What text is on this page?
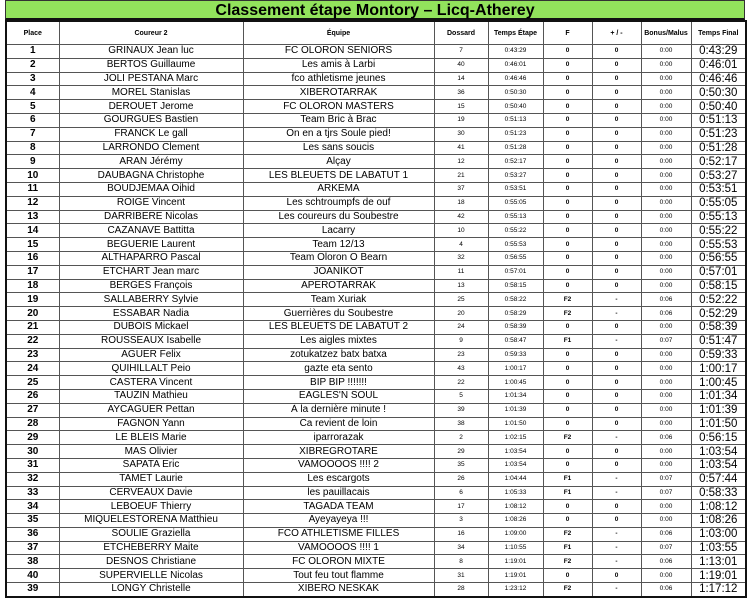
Classement étape Montory – Licq-Atherey
Place	Coureur 2	Équipe	Dossard	Temps Étape	F	+ / -	Bonus/Malus	Temps Final
1	GRINAUX Jean luc	FC OLORON SENIORS	7	0:43:29	0	0	0:00	0:43:29
2	BERTOS Guillaume	Les amis à Larbi	40	0:46:01	0	0	0:00	0:46:01
3	JOLI PESTANA Marc	fco athletisme jeunes	14	0:46:46	0	0	0:00	0:46:46
4	MOREL Stanislas	XIBEROTARRAK	36	0:50:30	0	0	0:00	0:50:30
5	DEROUET Jerome	FC OLORON MASTERS	15	0:50:40	0	0	0:00	0:50:40
6	GOURGUES Bastien	Team Bric à Brac	19	0:51:13	0	0	0:00	0:51:13
7	FRANCK Le gall	On en a tjrs Soule pied!	30	0:51:23	0	0	0:00	0:51:23
8	LARRONDO Clement	Les sans soucis	41	0:51:28	0	0	0:00	0:51:28
9	ARAN Jérémy	Alçay	12	0:52:17	0	0	0:00	0:52:17
10	DAUBAGNA Christophe	LES BLEUETS DE LABATUT 1	21	0:53:27	0	0	0:00	0:53:27
11	BOUDJEMAA Oihid	ARKEMA	37	0:53:51	0	0	0:00	0:53:51
12	ROIGE Vincent	Les schtroumpfs de ouf	18	0:55:05	0	0	0:00	0:55:05
13	DARRIBERE Nicolas	Les coureurs du Soubestre	42	0:55:13	0	0	0:00	0:55:13
14	CAZANAVE Battitta	Lacarry	10	0:55:22	0	0	0:00	0:55:22
15	BEGUERIE Laurent	Team 12/13	4	0:55:53	0	0	0:00	0:55:53
16	ALTHAPARRO Pascal	Team Oloron O Bearn	32	0:56:55	0	0	0:00	0:56:55
17	ETCHART Jean marc	JOANIKOT	11	0:57:01	0	0	0:00	0:57:01
18	BERGES François	APEROTARRAK	13	0:58:15	0	0	0:00	0:58:15
19	SALLABERRY Sylvie	Team Xuriak	25	0:58:22	F2	-	0:06	0:52:22
20	ESSABAR Nadia	Guerrières du Soubestre	20	0:58:29	F2	-	0:06	0:52:29
21	DUBOIS Mickael	LES BLEUETS DE LABATUT 2	24	0:58:39	0	0	0:00	0:58:39
22	ROUSSEAUX Isabelle	Les aigles mixtes	9	0:58:47	F1	-	0:07	0:51:47
23	AGUER Felix	zotukatzez batx batxa	23	0:59:33	0	0	0:00	0:59:33
24	QUIHILLALT Peio	gazte eta sento	43	1:00:17	0	0	0:00	1:00:17
25	CASTERA Vincent	BIP BIP !!!!!!!	22	1:00:45	0	0	0:00	1:00:45
26	TAUZIN Mathieu	EAGLES'N SOUL	5	1:01:34	0	0	0:00	1:01:34
27	AYCAGUER Pettan	À la dernière minute !	39	1:01:39	0	0	0:00	1:01:39
28	FAGNON Yann	Ca revient de loin	38	1:01:50	0	0	0:00	1:01:50
29	LE BLEIS Marie	iparrorazak	2	1:02:15	F2	-	0:06	0:56:15
30	MAS Olivier	XIBREGROTARE	29	1:03:54	0	0	0:00	1:03:54
31	SAPATA Eric	VAMOOOOS !!!! 2	35	1:03:54	0	0	0:00	1:03:54
32	TAMET Laurie	Les escargots	26	1:04:44	F1	-	0:07	0:57:44
33	CERVEAUX Davie	les pauillacais	6	1:05:33	F1	-	0:07	0:58:33
34	LEBOEUF Thierry	TAGADA TEAM	17	1:08:12	0	0	0:00	1:08:12
35	MIQUELESTORENA Matthieu	Ayeyayeya !!!	3	1:08:26	0	0	0:00	1:08:26
36	SOULIE Graziella	FCO ATHLETISME FILLES	16	1:09:00	F2	-	0:06	1:03:00
37	ETCHEBERRY Maite	VAMOOOOS !!!! 1	34	1:10:55	F1	-	0:07	1:03:55
38	DESNOS Christiane	FC OLORON MIXTE	8	1:19:01	F2	-	0:06	1:13:01
40	SUPERVIELLE Nicolas	Tout feu tout flamme	31	1:19:01	0	0	0:00	1:19:01
39	LONGY Christelle	XIBERO NESKAK	28	1:23:12	F2	-	0:06	1:17:12
